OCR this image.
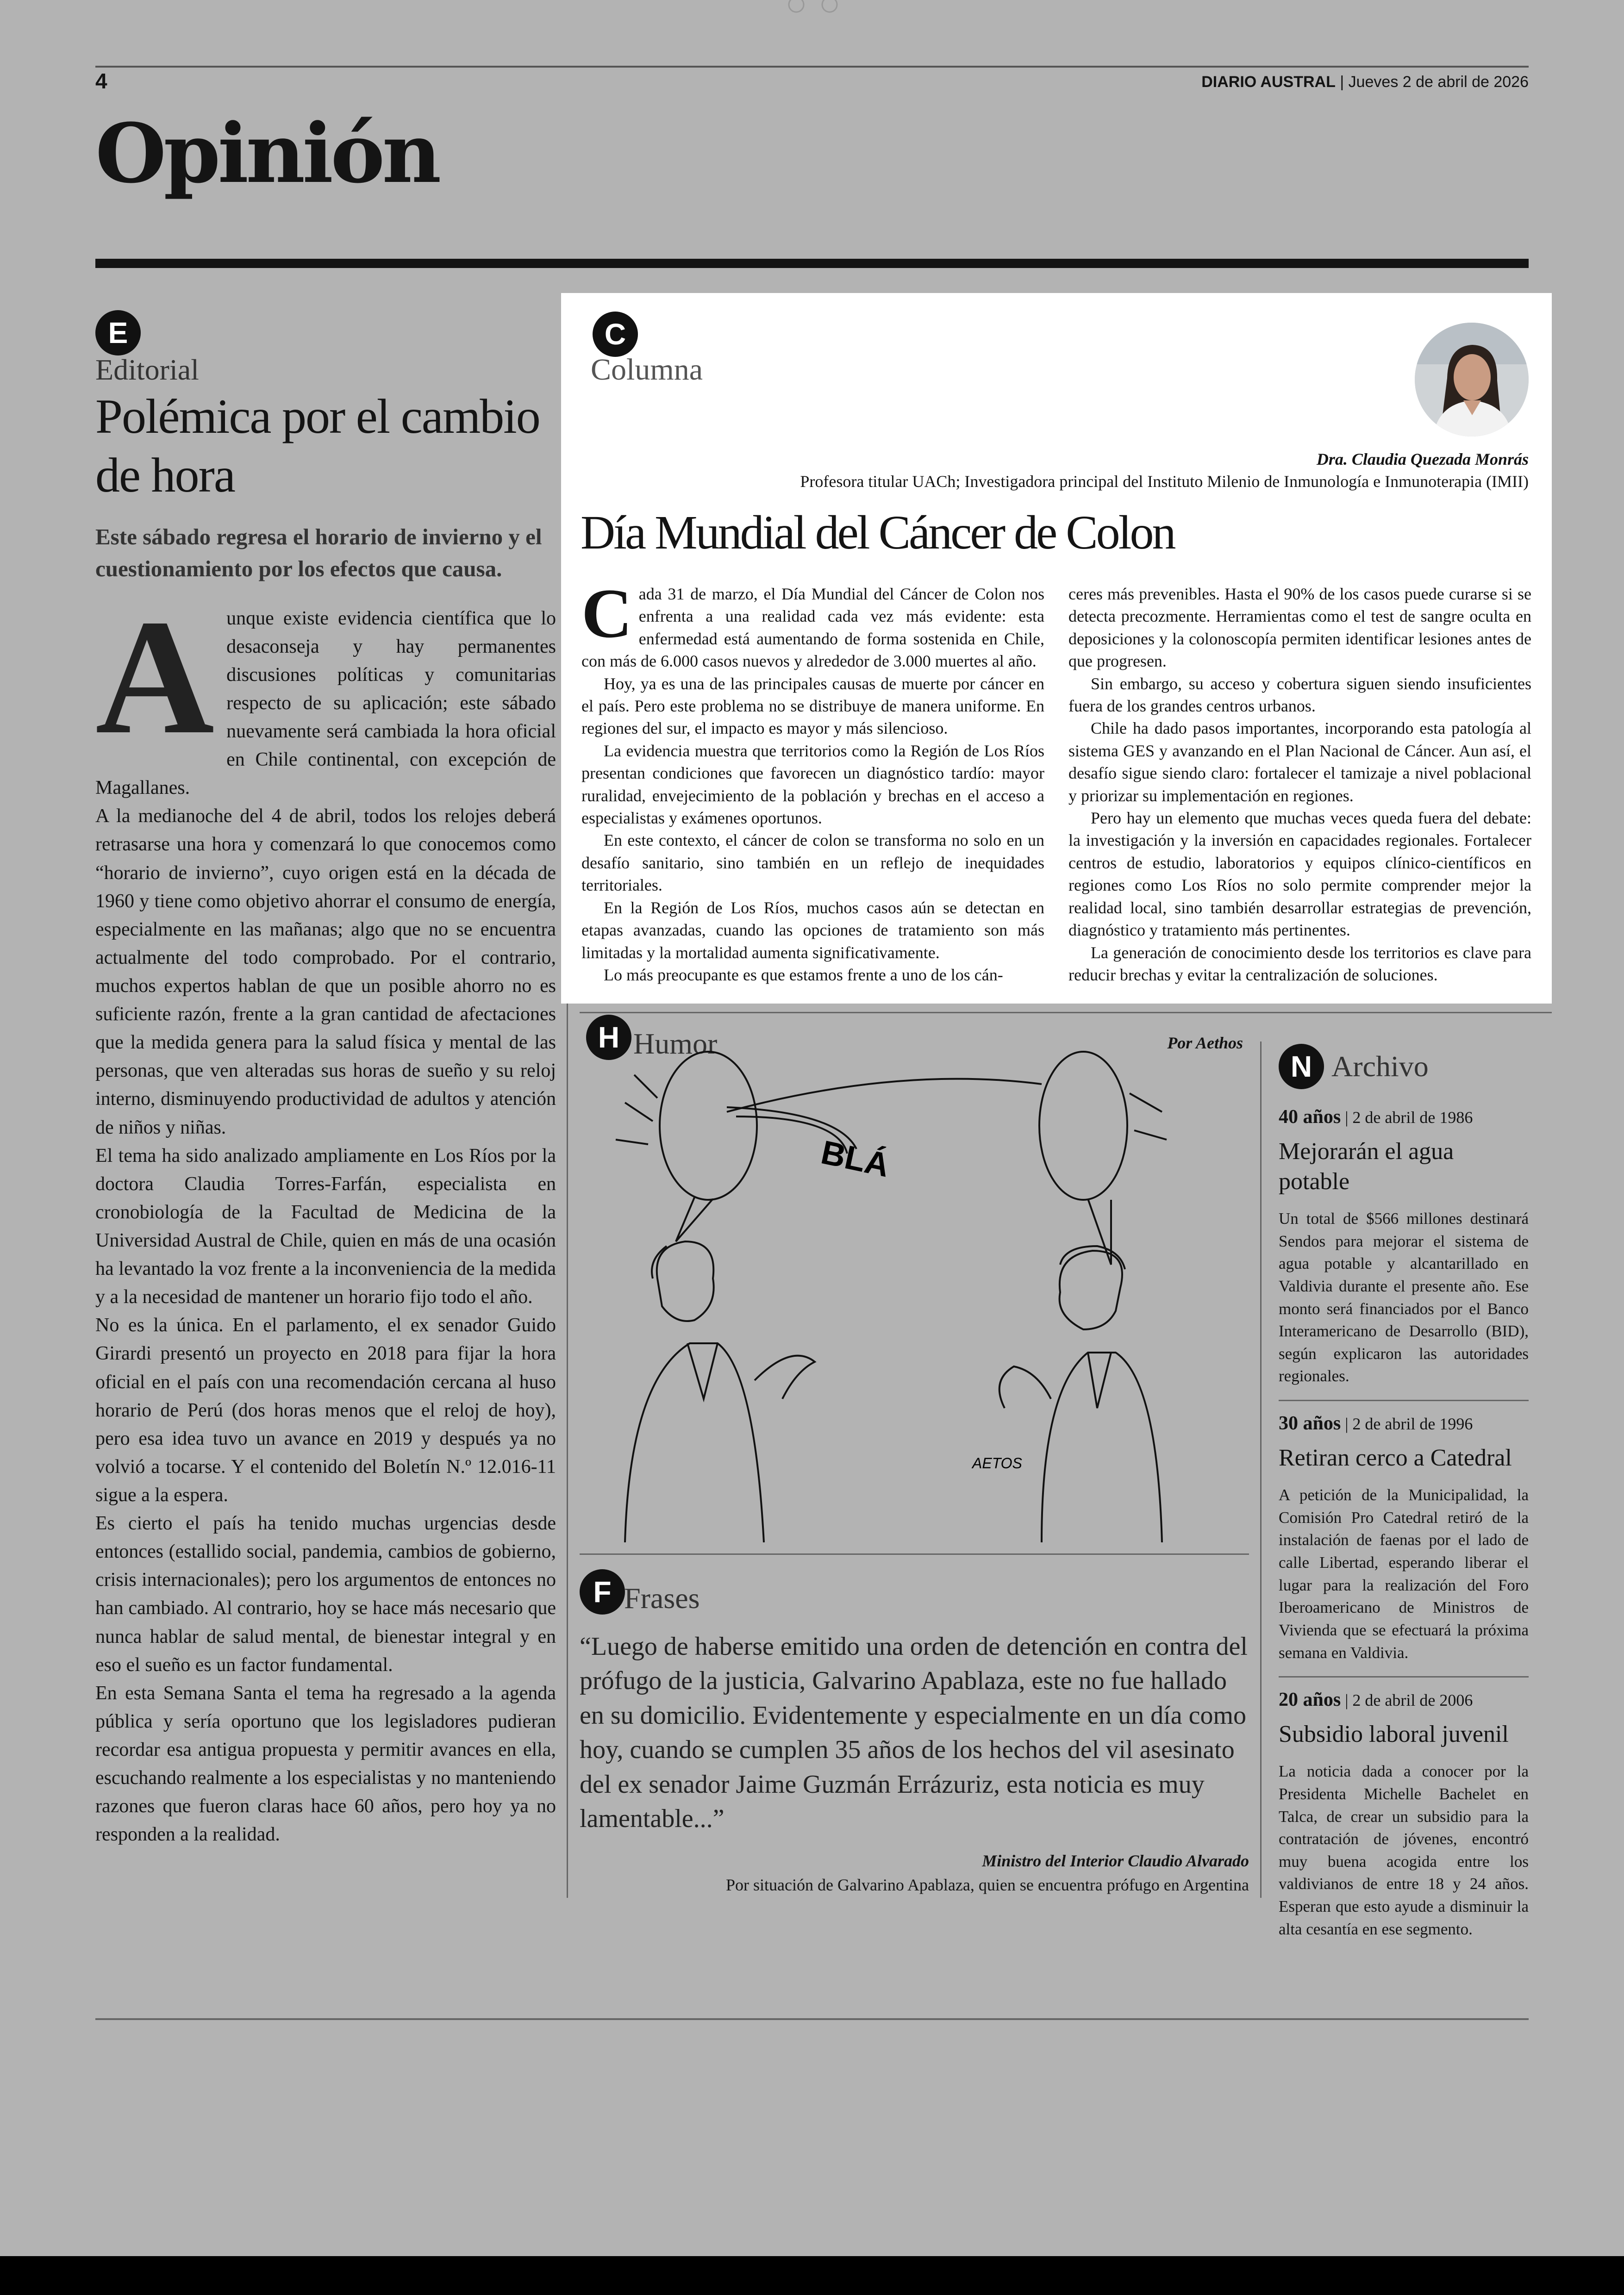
4	DIARIO AUSTRAL | Jueves 2 de abril de 2026
Opinión
E
Editorial
Polémica por el cambio de hora
Este sábado regresa el horario de invierno y el cuestionamiento por los efectos que causa.
A unque existe evidencia científica que lo desaconseja y hay permanentes discusiones políticas y comunitarias respecto de su aplicación; este sábado nuevamente será cambiada la hora oficial en Chile continental, con excepción de Magallanes.

A la medianoche del 4 de abril, todos los relojes deberá retrasarse una hora y comenzará lo que conocemos como “horario de invierno”, cuyo origen está en la década de 1960 y tiene como objetivo ahorrar el consumo de energía, especialmente en las mañanas; algo que no se encuentra actualmente del todo comprobado. Por el contrario, muchos expertos hablan de que un posible ahorro no es suficiente razón, frente a la gran cantidad de afectaciones que la medida genera para la salud física y mental de las personas, que ven alteradas sus horas de sueño y su reloj interno, disminuyendo productividad de adultos y atención de niños y niñas.

El tema ha sido analizado ampliamente en Los Ríos por la doctora Claudia Torres-Farfán, especialista en cronobiología de la Facultad de Medicina de la Universidad Austral de Chile, quien en más de una ocasión ha levantado la voz frente a la inconveniencia de la medida y a la necesidad de mantener un horario fijo todo el año.

No es la única. En el parlamento, el ex senador Guido Girardi presentó un proyecto en 2018 para fijar la hora oficial en el país con una recomendación cercana al huso horario de Perú (dos horas menos que el reloj de hoy), pero esa idea tuvo un avance en 2019 y después ya no volvió a tocarse. Y el contenido del Boletín N.º 12.016-11 sigue a la espera.

Es cierto el país ha tenido muchas urgencias desde entonces (estallido social, pandemia, cambios de gobierno, crisis internacionales); pero los argumentos de entonces no han cambiado. Al contrario, hoy se hace más necesario que nunca hablar de salud mental, de bienestar integral y en eso el sueño es un factor fundamental.

En esta Semana Santa el tema ha regresado a la agenda pública y sería oportuno que los legisladores pudieran recordar esa antigua propuesta y permitir avances en ella, escuchando realmente a los especialistas y no manteniendo razones que fueron claras hace 60 años, pero hoy ya no responden a la realidad.

C
Columna
Dra. Claudia Quezada Monrás
Profesora titular UACh; Investigadora principal del Instituto Milenio de Inmunología e Inmunoterapia (IMII)
Día Mundial del Cáncer de Colon

Cada 31 de marzo, el Día Mundial del Cáncer de Colon nos enfrenta a una realidad cada vez más evidente: esta enfermedad está aumentando de forma sostenida en Chile, con más de 6.000 casos nuevos y alrededor de 3.000 muertes al año.

Hoy, ya es una de las principales causas de muerte por cáncer en el país. Pero este problema no se distribuye de manera uniforme. En regiones del sur, el impacto es mayor y más silencioso.

La evidencia muestra que territorios como la Región de Los Ríos presentan condiciones que favorecen un diagnóstico tardío: mayor ruralidad, envejecimiento de la población y brechas en el acceso a especialistas y exámenes oportunos.

En este contexto, el cáncer de colon se transforma no solo en un desafío sanitario, sino también en un reflejo de inequidades territoriales.

En la Región de Los Ríos, muchos casos aún se detectan en etapas avanzadas, cuando las opciones de tratamiento son más limitadas y la mortalidad aumenta significativamente.

Lo más preocupante es que estamos frente a uno de los cán-

ceres más prevenibles. Hasta el 90% de los casos puede curarse si se detecta precozmente. Herramientas como el test de sangre oculta en deposiciones y la colonoscopía permiten identificar lesiones antes de que progresen.

Sin embargo, su acceso y cobertura siguen siendo insuficientes fuera de los grandes centros urbanos.

Chile ha dado pasos importantes, incorporando esta patología al sistema GES y avanzando en el Plan Nacional de Cáncer. Aun así, el desafío sigue siendo claro: fortalecer el tamizaje a nivel poblacional y priorizar su implementación en regiones.

Pero hay un elemento que muchas veces queda fuera del debate: la investigación y la inversión en capacidades regionales. Fortalecer centros de estudio, laboratorios y equipos clínico-científicos en regiones como Los Ríos no solo permite comprender mejor la realidad local, sino también desarrollar estrategias de prevención, diagnóstico y tratamiento más pertinentes.

La generación de conocimiento desde los territorios es clave para reducir brechas y evitar la centralización de soluciones.

H Humor	Por Aethos
BLÁ
AETOS
F Frases
“Luego de haberse emitido una orden de detención en contra del prófugo de la justicia, Galvarino Apablaza, este no fue hallado en su domicilio. Evidentemente y especialmente en un día como hoy, cuando se cumplen 35 años de los hechos del vil asesinato del ex senador Jaime Guzmán Errázuriz, esta noticia es muy lamentable...”
Ministro del Interior Claudio Alvarado
Por situación de Galvarino Apablaza, quien se encuentra prófugo en Argentina
N Archivo
40 años | 2 de abril de 1986
Mejorarán el agua potable
Un total de $566 millones destinará Sendos para mejorar el sistema de agua potable y alcantarillado en Valdivia durante el presente año. Ese monto será financiados por el Banco Interamericano de Desarrollo (BID), según explicaron las autoridades regionales.
30 años | 2 de abril de 1996
Retiran cerco a Catedral
A petición de la Municipalidad, la Comisión Pro Catedral retiró de la instalación de faenas por el lado de calle Libertad, esperando liberar el lugar para la realización del Foro Iberoamericano de Ministros de Vivienda que se efectuará la próxima semana en Valdivia.
20 años | 2 de abril de 2006
Subsidio laboral juvenil
La noticia dada a conocer por la Presidenta Michelle Bachelet en Talca, de crear un subsidio para la contratación de jóvenes, encontró muy buena acogida entre los valdivianos de entre 18 y 24 años. Esperan que esto ayude a disminuir la alta cesantía en ese segmento.
